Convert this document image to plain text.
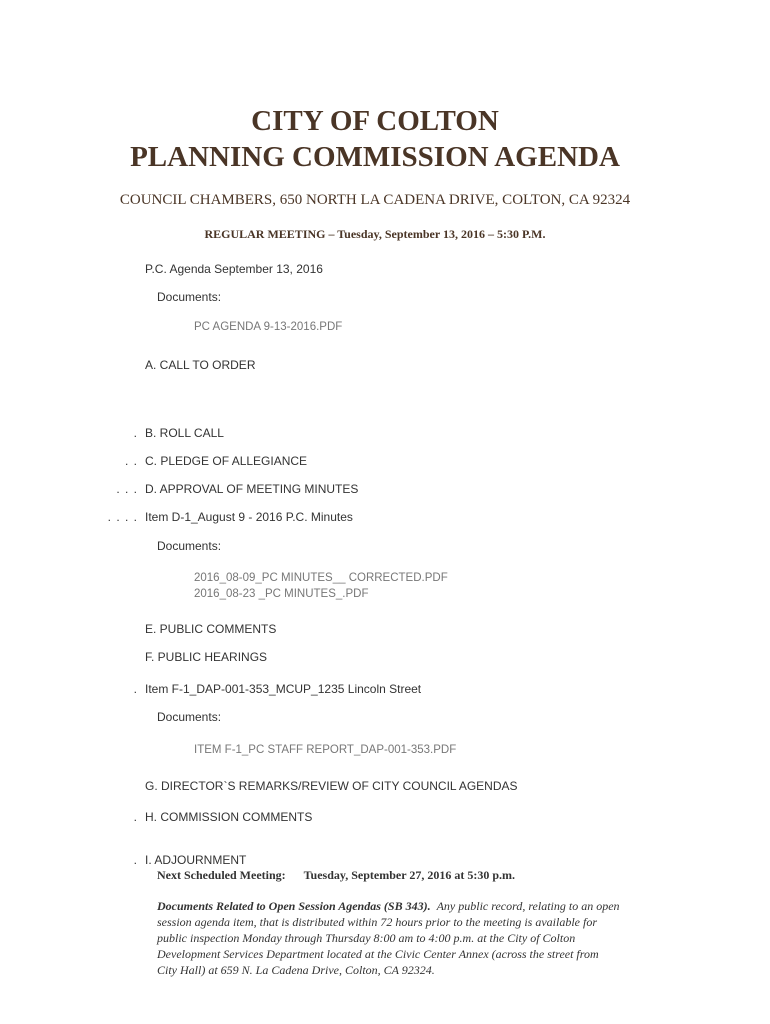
CITY OF COLTON
PLANNING COMMISSION AGENDA
COUNCIL CHAMBERS, 650 NORTH LA CADENA DRIVE, COLTON, CA 92324
REGULAR MEETING – Tuesday, September 13, 2016 – 5:30 P.M.
P.C. Agenda September 13, 2016
Documents:
PC AGENDA 9-13-2016.PDF
A. CALL TO ORDER
. B. ROLL CALL
. . C. PLEDGE OF ALLEGIANCE
. . . D. APPROVAL OF MEETING MINUTES
. . . . Item D-1_August 9 - 2016 P.C. Minutes
Documents:
2016_08-09_PC MINUTES__ CORRECTED.PDF
2016_08-23 _PC MINUTES_.PDF
E. PUBLIC COMMENTS
F. PUBLIC HEARINGS
. Item F-1_DAP-001-353_MCUP_1235 Lincoln Street
Documents:
ITEM F-1_PC STAFF REPORT_DAP-001-353.PDF
G. DIRECTOR`S REMARKS/REVIEW OF CITY COUNCIL AGENDAS
. H. COMMISSION COMMENTS
. I. ADJOURNMENT
Next Scheduled Meeting: Tuesday, September 27, 2016 at 5:30 p.m.
Documents Related to Open Session Agendas (SB 343). Any public record, relating to an open
session agenda item, that is distributed within 72 hours prior to the meeting is available for
public inspection Monday through Thursday 8:00 am to 4:00 p.m. at the City of Colton
Development Services Department located at the Civic Center Annex (across the street from
City Hall) at 659 N. La Cadena Drive, Colton, CA 92324.
